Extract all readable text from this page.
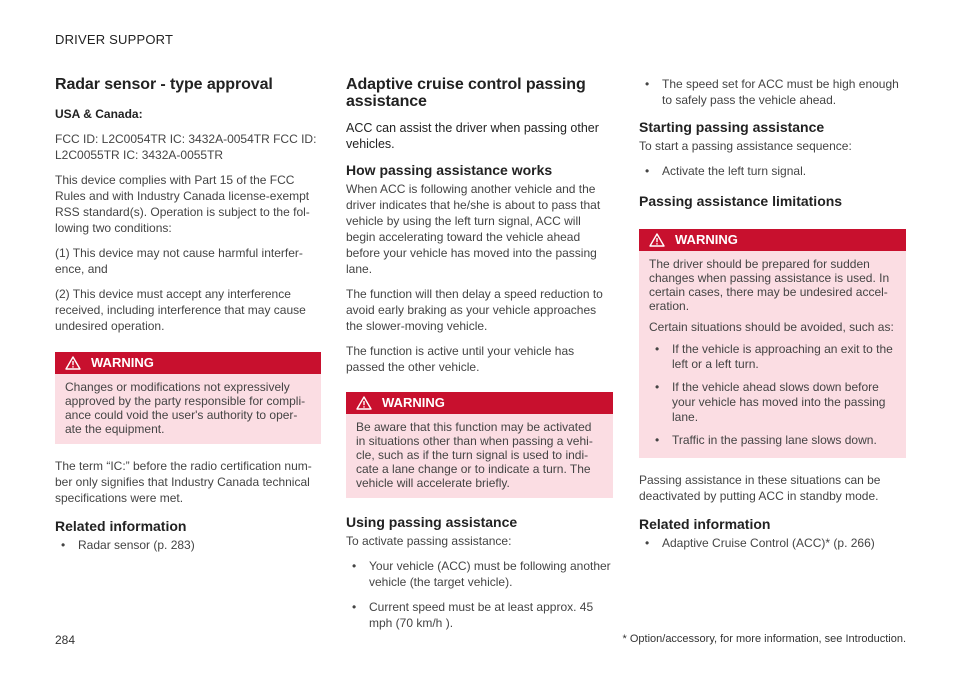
DRIVER SUPPORT
Radar sensor - type approval
USA & Canada:

FCC ID: L2C0054TR IC: 3432A-0054TR FCC ID: L2C0055TR IC: 3432A-0055TR

This device complies with Part 15 of the FCC Rules and with Industry Canada license-exempt RSS standard(s). Operation is subject to the fol-lowing two conditions:

(1) This device may not cause harmful interfer-ence, and

(2) This device must accept any interference received, including interference that may cause undesired operation.

WARNING

Changes or modifications not expressively approved by the party responsible for compli-ance could void the user's authority to oper-ate the equipment.

The term “IC:” before the radio certification num-ber only signifies that Industry Canada technical specifications were met.

Related information
• Radar sensor (p. 283)
Adaptive cruise control passing assistance

ACC can assist the driver when passing other vehicles.

How passing assistance works

When ACC is following another vehicle and the driver indicates that he/she is about to pass that vehicle by using the left turn signal, ACC will begin accelerating toward the vehicle ahead before your vehicle has moved into the passing lane.

The function will then delay a speed reduction to avoid early braking as your vehicle approaches the slower-moving vehicle.

The function is active until your vehicle has passed the other vehicle.

WARNING

Be aware that this function may be activated in situations other than when passing a vehi-cle, such as if the turn signal is used to indi-cate a lane change or to indicate a turn. The vehicle will accelerate briefly.

Using passing assistance

To activate passing assistance:

• Your vehicle (ACC) must be following another vehicle (the target vehicle).
• Current speed must be at least approx. 45 mph (70 km/h ).
• The speed set for ACC must be high enough to safely pass the vehicle ahead.
Starting passing assistance

To start a passing assistance sequence:

• Activate the left turn signal.
Passing assistance limitations
WARNING

The driver should be prepared for sudden changes when passing assistance is used. In certain cases, there may be undesired accel-eration.

Certain situations should be avoided, such as:

• If the vehicle is approaching an exit to the left or a left turn.
• If the vehicle ahead slows down before your vehicle has moved into the passing lane.
• Traffic in the passing lane slows down.

Passing assistance in these situations can be deactivated by putting ACC in standby mode.

Related information
• Adaptive Cruise Control (ACC)* (p. 266)
284	* Option/accessory, for more information, see Introduction.
